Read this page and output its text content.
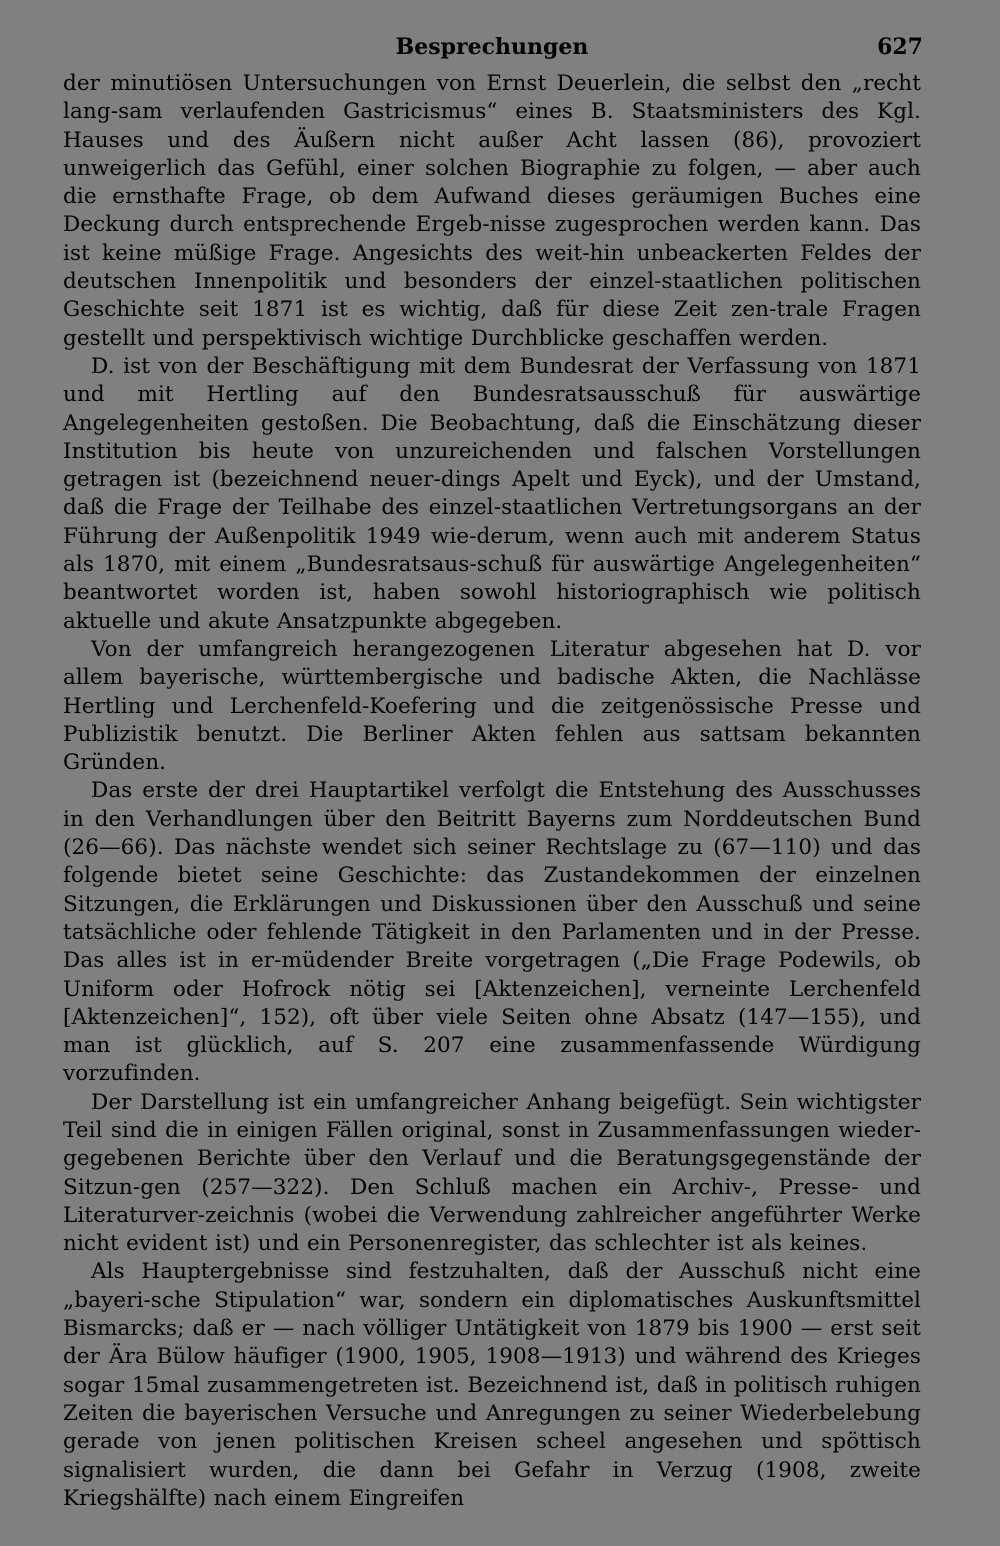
Besprechungen	627

der minutiösen Untersuchungen von Ernst Deuerlein, die selbst den „recht lang-sam verlaufenden Gastricismus“ eines B. Staatsministers des Kgl. Hauses und des Äußern nicht außer Acht lassen (86), provoziert unweigerlich das Gefühl, einer solchen Biographie zu folgen, — aber auch die ernsthafte Frage, ob dem Aufwand dieses geräumigen Buches eine Deckung durch entsprechende Ergeb-nisse zugesprochen werden kann. Das ist keine müßige Frage. Angesichts des weit-hin unbeackerten Feldes der deutschen Innenpolitik und besonders der einzel-staatlichen politischen Geschichte seit 1871 ist es wichtig, daß für diese Zeit zen-trale Fragen gestellt und perspektivisch wichtige Durchblicke geschaffen werden.

D. ist von der Beschäftigung mit dem Bundesrat der Verfassung von 1871 und mit Hertling auf den Bundesratsausschuß für auswärtige Angelegenheiten gestoßen. Die Beobachtung, daß die Einschätzung dieser Institution bis heute von unzureichenden und falschen Vorstellungen getragen ist (bezeichnend neuer-dings Apelt und Eyck), und der Umstand, daß die Frage der Teilhabe des einzel-staatlichen Vertretungsorgans an der Führung der Außenpolitik 1949 wie-derum, wenn auch mit anderem Status als 1870, mit einem „Bundesratsaus-schuß für auswärtige Angelegenheiten“ beantwortet worden ist, haben sowohl historiographisch wie politisch aktuelle und akute Ansatzpunkte abgegeben.

Von der umfangreich herangezogenen Literatur abgesehen hat D. vor allem bayerische, württembergische und badische Akten, die Nachlässe Hertling und Lerchenfeld-Koefering und die zeitgenössische Presse und Publizistik benutzt. Die Berliner Akten fehlen aus sattsam bekannten Gründen.

Das erste der drei Hauptartikel verfolgt die Entstehung des Ausschusses in den Verhandlungen über den Beitritt Bayerns zum Norddeutschen Bund (26—66). Das nächste wendet sich seiner Rechtslage zu (67—110) und das folgende bietet seine Geschichte: das Zustandekommen der einzelnen Sitzungen, die Erklärungen und Diskussionen über den Ausschuß und seine tatsächliche oder fehlende Tätigkeit in den Parlamenten und in der Presse. Das alles ist in er-müdender Breite vorgetragen („Die Frage Podewils, ob Uniform oder Hofrock nötig sei [Aktenzeichen], verneinte Lerchenfeld [Aktenzeichen]“, 152), oft über viele Seiten ohne Absatz (147—155), und man ist glücklich, auf S. 207 eine zusammenfassende Würdigung vorzufinden.

Der Darstellung ist ein umfangreicher Anhang beigefügt. Sein wichtigster Teil sind die in einigen Fällen original, sonst in Zusammenfassungen wieder-gegebenen Berichte über den Verlauf und die Beratungsgegenstände der Sitzun-gen (257—322). Den Schluß machen ein Archiv-, Presse- und Literaturver-zeichnis (wobei die Verwendung zahlreicher angeführter Werke nicht evident ist) und ein Personenregister, das schlechter ist als keines.

Als Hauptergebnisse sind festzuhalten, daß der Ausschuß nicht eine „bayeri-sche Stipulation“ war, sondern ein diplomatisches Auskunftsmittel Bismarcks; daß er — nach völliger Untätigkeit von 1879 bis 1900 — erst seit der Ära Bülow häufiger (1900, 1905, 1908—1913) und während des Krieges sogar 15mal zusammengetreten ist. Bezeichnend ist, daß in politisch ruhigen Zeiten die bayerischen Versuche und Anregungen zu seiner Wiederbelebung gerade von jenen politischen Kreisen scheel angesehen und spöttisch signalisiert wurden, die dann bei Gefahr in Verzug (1908, zweite Kriegshälfte) nach einem Eingreifen
